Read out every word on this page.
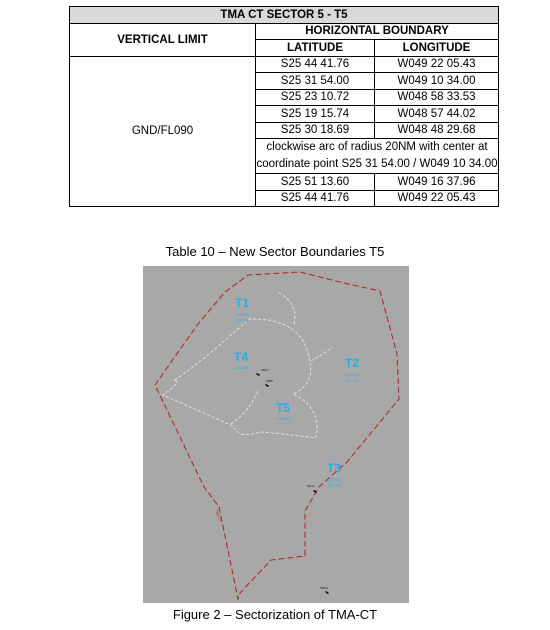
TMA CT SECTOR 5 - T5		
VERTICAL LIMIT	HORIZONTAL BOUNDARY	
	LATITUDE	LONGITUDE
GND/FL090	S25 44 41.76	W049 22 05.43
	S25 31 54.00	W049 10 34.00
	S25 23 10.72	W048 58 33.53
	S25 19 15.74	W048 57 44.02
	S25 30 18.69	W048 48 29.68
	clockwise arc of radius 20NM with center at coordinate point S25 31 54.00 / W049 10 34.00	
	S25 51 13.60	W049 16 37.96
	S25 44 41.76	W049 22 05.43
Table 10 – New Sector Boundaries T5
T1
119.650
118.750
T4
128.800	T2
120.600
119.700
T5
128.800
T3
121.550
121.700
SBCT
SBBI
SBJV
SBPG
TMA-CT
Figure 2 – Sectorization of TMA-CT
